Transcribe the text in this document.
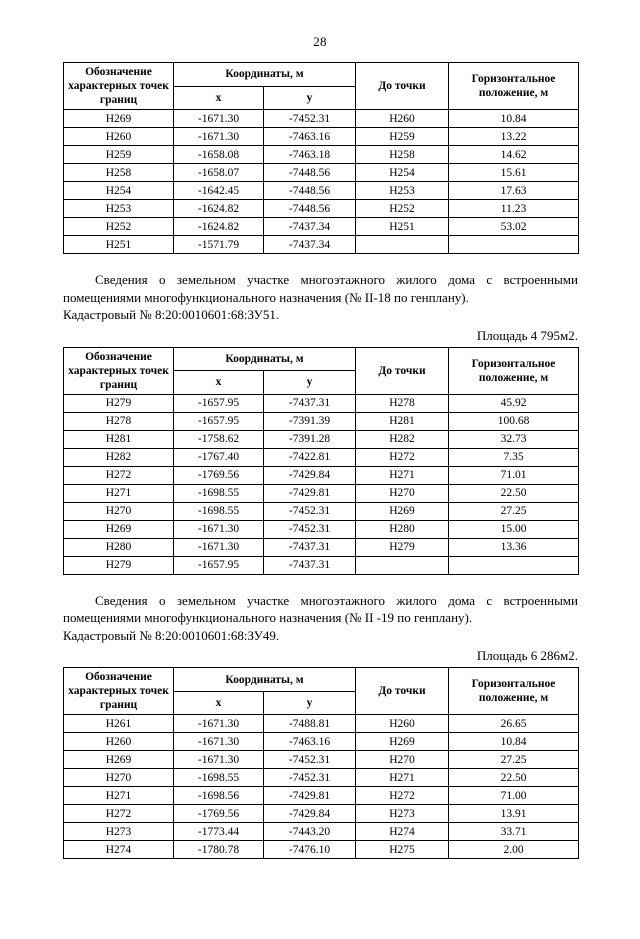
28
Обозначение характерных точек границ	Координаты, м		До точки	Горизонтальное положение, м
	x	y		
Н269	-1671.30	-7452.31	Н260	10.84
Н260	-1671.30	-7463.16	Н259	13.22
Н259	-1658.08	-7463.18	Н258	14.62
Н258	-1658.07	-7448.56	Н254	15.61
Н254	-1642.45	-7448.56	Н253	17.63
Н253	-1624.82	-7448.56	Н252	11.23
Н252	-1624.82	-7437.34	Н251	53.02
Н251	-1571.79	-7437.34		

Сведения о земельном участке многоэтажного жилого дома с встроенными помещениями многофункционального назначения (№ II-18 по генплану).
Кадастровый № 8:20:0010601:68:ЗУ51.

Площадь 4 795м2.
Обозначение характерных точек границ	Координаты, м		До точки	Горизонтальное положение, м
	x	y		
Н279	-1657.95	-7437.31	Н278	45.92
Н278	-1657.95	-7391.39	Н281	100.68
Н281	-1758.62	-7391.28	Н282	32.73
Н282	-1767.40	-7422.81	Н272	7.35
Н272	-1769.56	-7429.84	Н271	71.01
Н271	-1698.55	-7429.81	Н270	22.50
Н270	-1698.55	-7452.31	Н269	27.25
Н269	-1671.30	-7452.31	Н280	15.00
Н280	-1671.30	-7437.31	Н279	13.36
Н279	-1657.95	-7437.31		

Сведения о земельном участке многоэтажного жилого дома с встроенными помещениями многофункционального назначения (№ II -19 по генплану).
Кадастровый № 8:20:0010601:68:ЗУ49.

Площадь 6 286м2.
Обозначение характерных точек границ	Координаты, м		До точки	Горизонтальное положение, м
	x	y		
Н261	-1671.30	-7488.81	Н260	26.65
Н260	-1671.30	-7463.16	Н269	10.84
Н269	-1671.30	-7452.31	Н270	27.25
Н270	-1698.55	-7452.31	Н271	22.50
Н271	-1698.56	-7429.81	Н272	71.00
Н272	-1769.56	-7429.84	Н273	13.91
Н273	-1773.44	-7443.20	Н274	33.71
Н274	-1780.78	-7476.10	Н275	2.00
